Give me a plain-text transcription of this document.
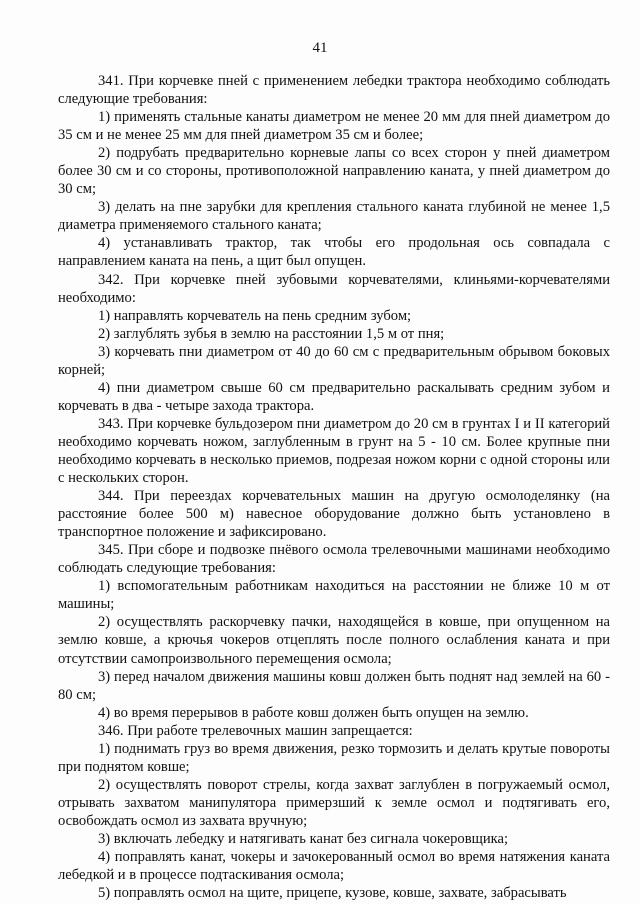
41

341. При корчевке пней с применением лебедки трактора необходимо соблюдать следующие требования:

1) применять стальные канаты диаметром не менее 20 мм для пней диаметром до 35 см и не менее 25 мм для пней диаметром 35 см и более;

2) подрубать предварительно корневые лапы со всех сторон у пней диаметром более 30 см и со стороны, противоположной направлению каната, у пней диаметром до 30 см;

3) делать на пне зарубки для крепления стального каната глубиной не менее 1,5 диаметра применяемого стального каната;

4) устанавливать трактор, так чтобы его продольная ось совпадала с направлением каната на пень, а щит был опущен.

342. При корчевке пней зубовыми корчевателями, клиньями-корчевателями необходимо:

1) направлять корчеватель на пень средним зубом;

2) заглублять зубья в землю на расстоянии 1,5 м от пня;

3) корчевать пни диаметром от 40 до 60 см с предварительным обрывом боковых корней;

4) пни диаметром свыше 60 см предварительно раскалывать средним зубом и корчевать в два - четыре захода трактора.

343. При корчевке бульдозером пни диаметром до 20 см в грунтах I и II категорий необходимо корчевать ножом, заглубленным в грунт на 5 - 10 см. Более крупные пни необходимо корчевать в несколько приемов, подрезая ножом корни с одной стороны или с нескольких сторон.

344. При переездах корчевательных машин на другую осмолоделянку (на расстояние более 500 м) навесное оборудование должно быть установлено в транспортное положение и зафиксировано.

345. При сборе и подвозке пнёвого осмола трелевочными машинами необходимо соблюдать следующие требования:

1) вспомогательным работникам находиться на расстоянии не ближе 10 м от машины;

2) осуществлять раскорчевку пачки, находящейся в ковше, при опущенном на землю ковше, а крючья чокеров отцеплять после полного ослабления каната и при отсутствии самопроизвольного перемещения осмола;

3) перед началом движения машины ковш должен быть поднят над землей на 60 - 80 см;

4) во время перерывов в работе ковш должен быть опущен на землю.

346. При работе трелевочных машин запрещается:

1) поднимать груз во время движения, резко тормозить и делать крутые повороты при поднятом ковше;

2) осуществлять поворот стрелы, когда захват заглублен в погружаемый осмол, отрывать захватом манипулятора примерзший к земле осмол и подтягивать его, освобождать осмол из захвата вручную;

3) включать лебедку и натягивать канат без сигнала чокеровщика;

4) поправлять канат, чокеры и зачокерованный осмол во время натяжения каната лебедкой и в процессе подтаскивания осмола;

5) поправлять осмол на щите, прицепе, кузове, ковше, захвате, забрасывать
